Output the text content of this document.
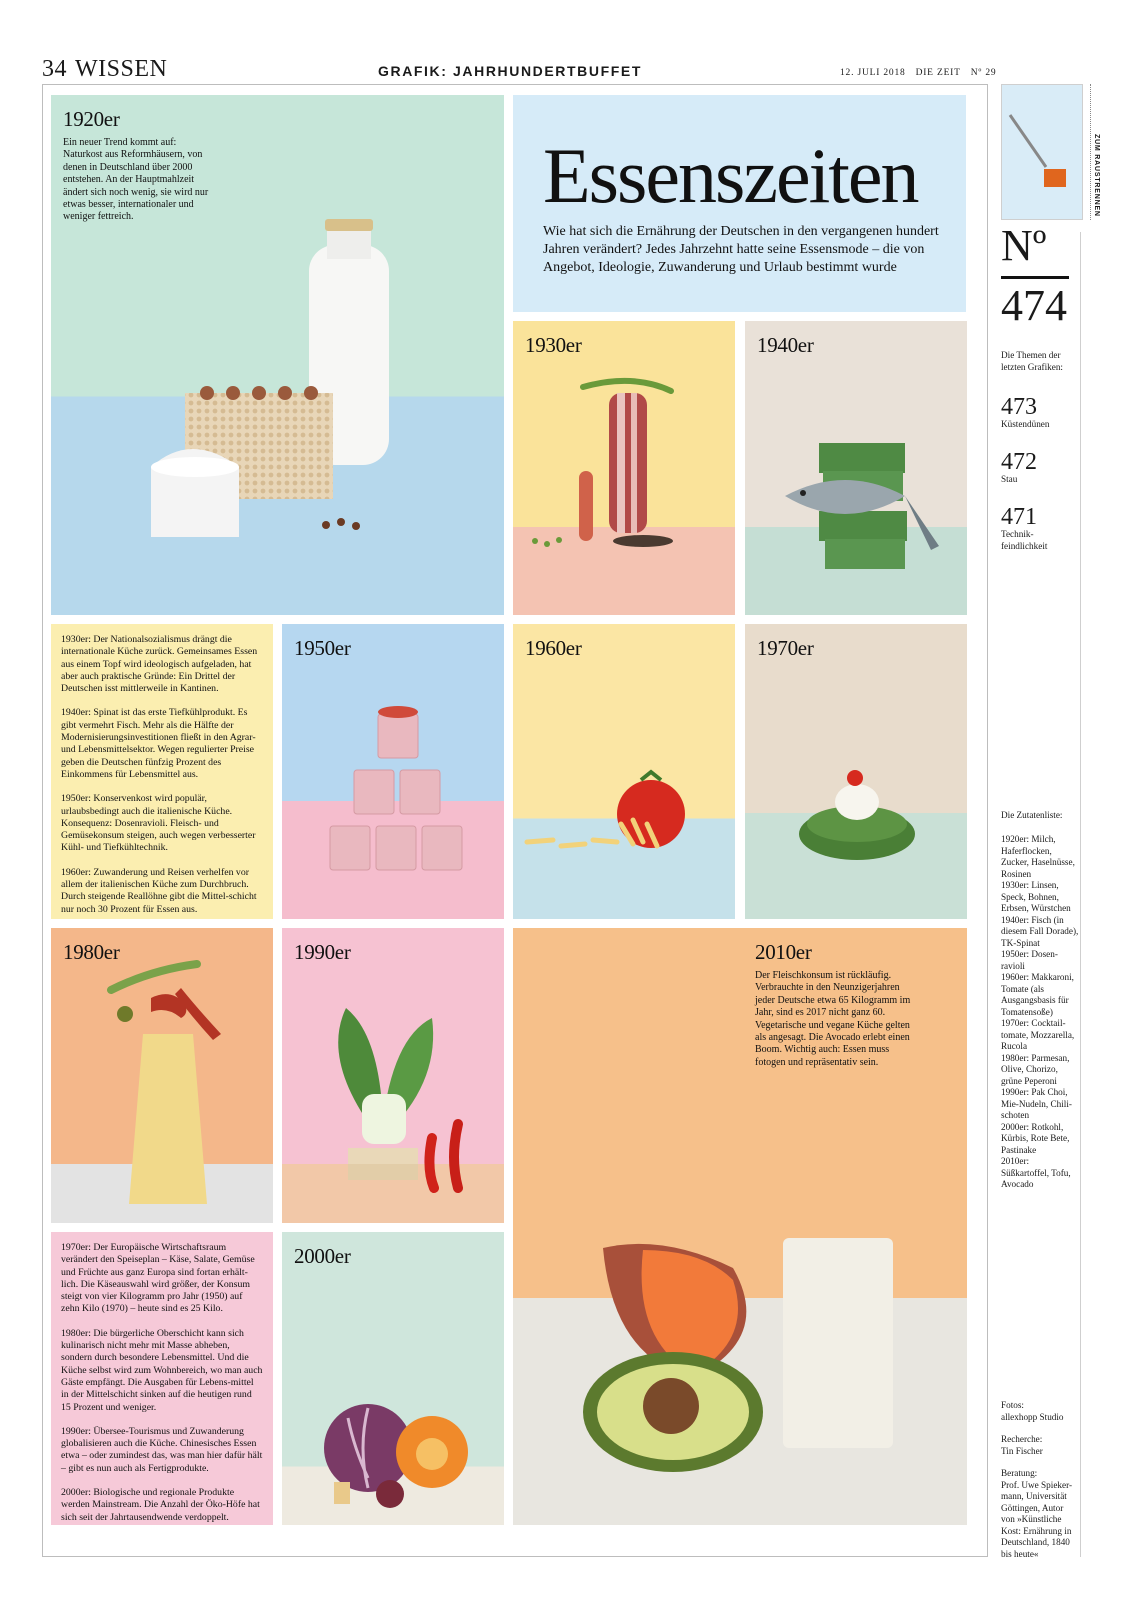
34 WISSEN	GRAFIK: JAHRHUNDERTBUFFET	12. JULI 2018 DIE ZEIT Nº 29
1920er
Ein neuer Trend kommt auf: Naturkost aus Reformhäusern, von denen in Deutschland über 2000 entstehen. An der Hauptmahlzeit ändert sich noch wenig, sie wird nur etwas besser, internationaler und weniger fettreich.	Essenszeiten
Wie hat sich die Ernährung der Deutschen in den vergangenen hundert Jahren verändert? Jedes Jahrzehnt hatte seine Essensmode – die von Angebot, Ideologie, Zuwanderung und Urlaub bestimmt wurde
1930er	1940er

1930er: Der Nationalsozialismus drängt die internationale Küche zurück. Gemeinsames Essen aus einem Topf wird ideologisch aufgeladen, hat aber auch praktische Gründe: Ein Drittel der Deutschen isst mittlerweile in Kantinen.

1940er: Spinat ist das erste Tiefkühlprodukt. Es gibt vermehrt Fisch. Mehr als die Hälfte der Modernisierungsinvestitionen fließt in den Agrar- und Lebensmittelsektor. Wegen regulierter Preise geben die Deutschen fünfzig Prozent des Einkommens für Lebensmittel aus.

1950er: Konservenkost wird populär, urlaubsbedingt auch die italienische Küche. Konsequenz: Dosenravioli. Fleisch- und Gemüsekonsum steigen, auch wegen verbesserter Kühl- und Tiefkühltechnik.

1960er: Zuwanderung und Reisen verhelfen vor allem der italienischen Küche zum Durchbruch. Durch steigende Reallöhne gibt die Mittel-schicht nur noch 30 Prozent für Essen aus.

1950er	1960er	1970er
1980er	1990er	2010er
Der Fleischkonsum ist rückläufig. Verbrauchte in den Neunzigerjahren jeder Deutsche etwa 65 Kilogramm im Jahr, sind es 2017 nicht ganz 60. Vegetarische und vegane Küche gelten als angesagt. Die Avocado erlebt einen Boom. Wichtig auch: Essen muss fotogen und repräsentativ sein.

1970er: Der Europäische Wirtschaftsraum verändert den Speiseplan – Käse, Salate, Gemüse und Früchte aus ganz Europa sind fortan erhält-lich. Die Käseauswahl wird größer, der Konsum steigt von vier Kilogramm pro Jahr (1950) auf zehn Kilo (1970) – heute sind es 25 Kilo.

1980er: Die bürgerliche Oberschicht kann sich kulinarisch nicht mehr mit Masse abheben, sondern durch besondere Lebensmittel. Und die Küche selbst wird zum Wohnbereich, wo man auch Gäste empfängt. Die Ausgaben für Lebens-mittel in der Mittelschicht sinken auf die heutigen rund 15 Prozent und weniger.

1990er: Übersee-Tourismus und Zuwanderung globalisieren auch die Küche. Chinesisches Essen etwa – oder zumindest das, was man hier dafür hält – gibt es nun auch als Fertigprodukte.

2000er: Biologische und regionale Produkte werden Mainstream. Die Anzahl der Öko-Höfe hat sich seit der Jahrtausendwende verdoppelt.

2000er
ZUM RAUSTRENNEN
Nº
474
Die Themen der letzten Grafiken:
473
Küstendünen
472
Stau
471
Technik-feindlichkeit
Die Zutatenliste:
1920er: Milch, Haferflocken, Zucker, Haselnüsse, Rosinen
1930er: Linsen, Speck, Bohnen, Erbsen, Würstchen
1940er: Fisch (in diesem Fall Dorade), TK-Spinat
1950er: Dosen-ravioli
1960er: Makkaroni, Tomate (als Ausgangsbasis für Tomatensoße)
1970er: Cocktail-tomate, Mozzarella, Rucola
1980er: Parmesan, Olive, Chorizo, grüne Peperoni
1990er: Pak Choi, Mie-Nudeln, Chili-schoten
2000er: Rotkohl, Kürbis, Rote Bete, Pastinake
2010er: Süßkartoffel, Tofu, Avocado
Fotos:
allexhopp Studio
Recherche:
Tin Fischer
Beratung:
Prof. Uwe Spieker-mann, Universität Göttingen, Autor von »Künstliche Kost: Ernährung in Deutschland, 1840 bis heute«
